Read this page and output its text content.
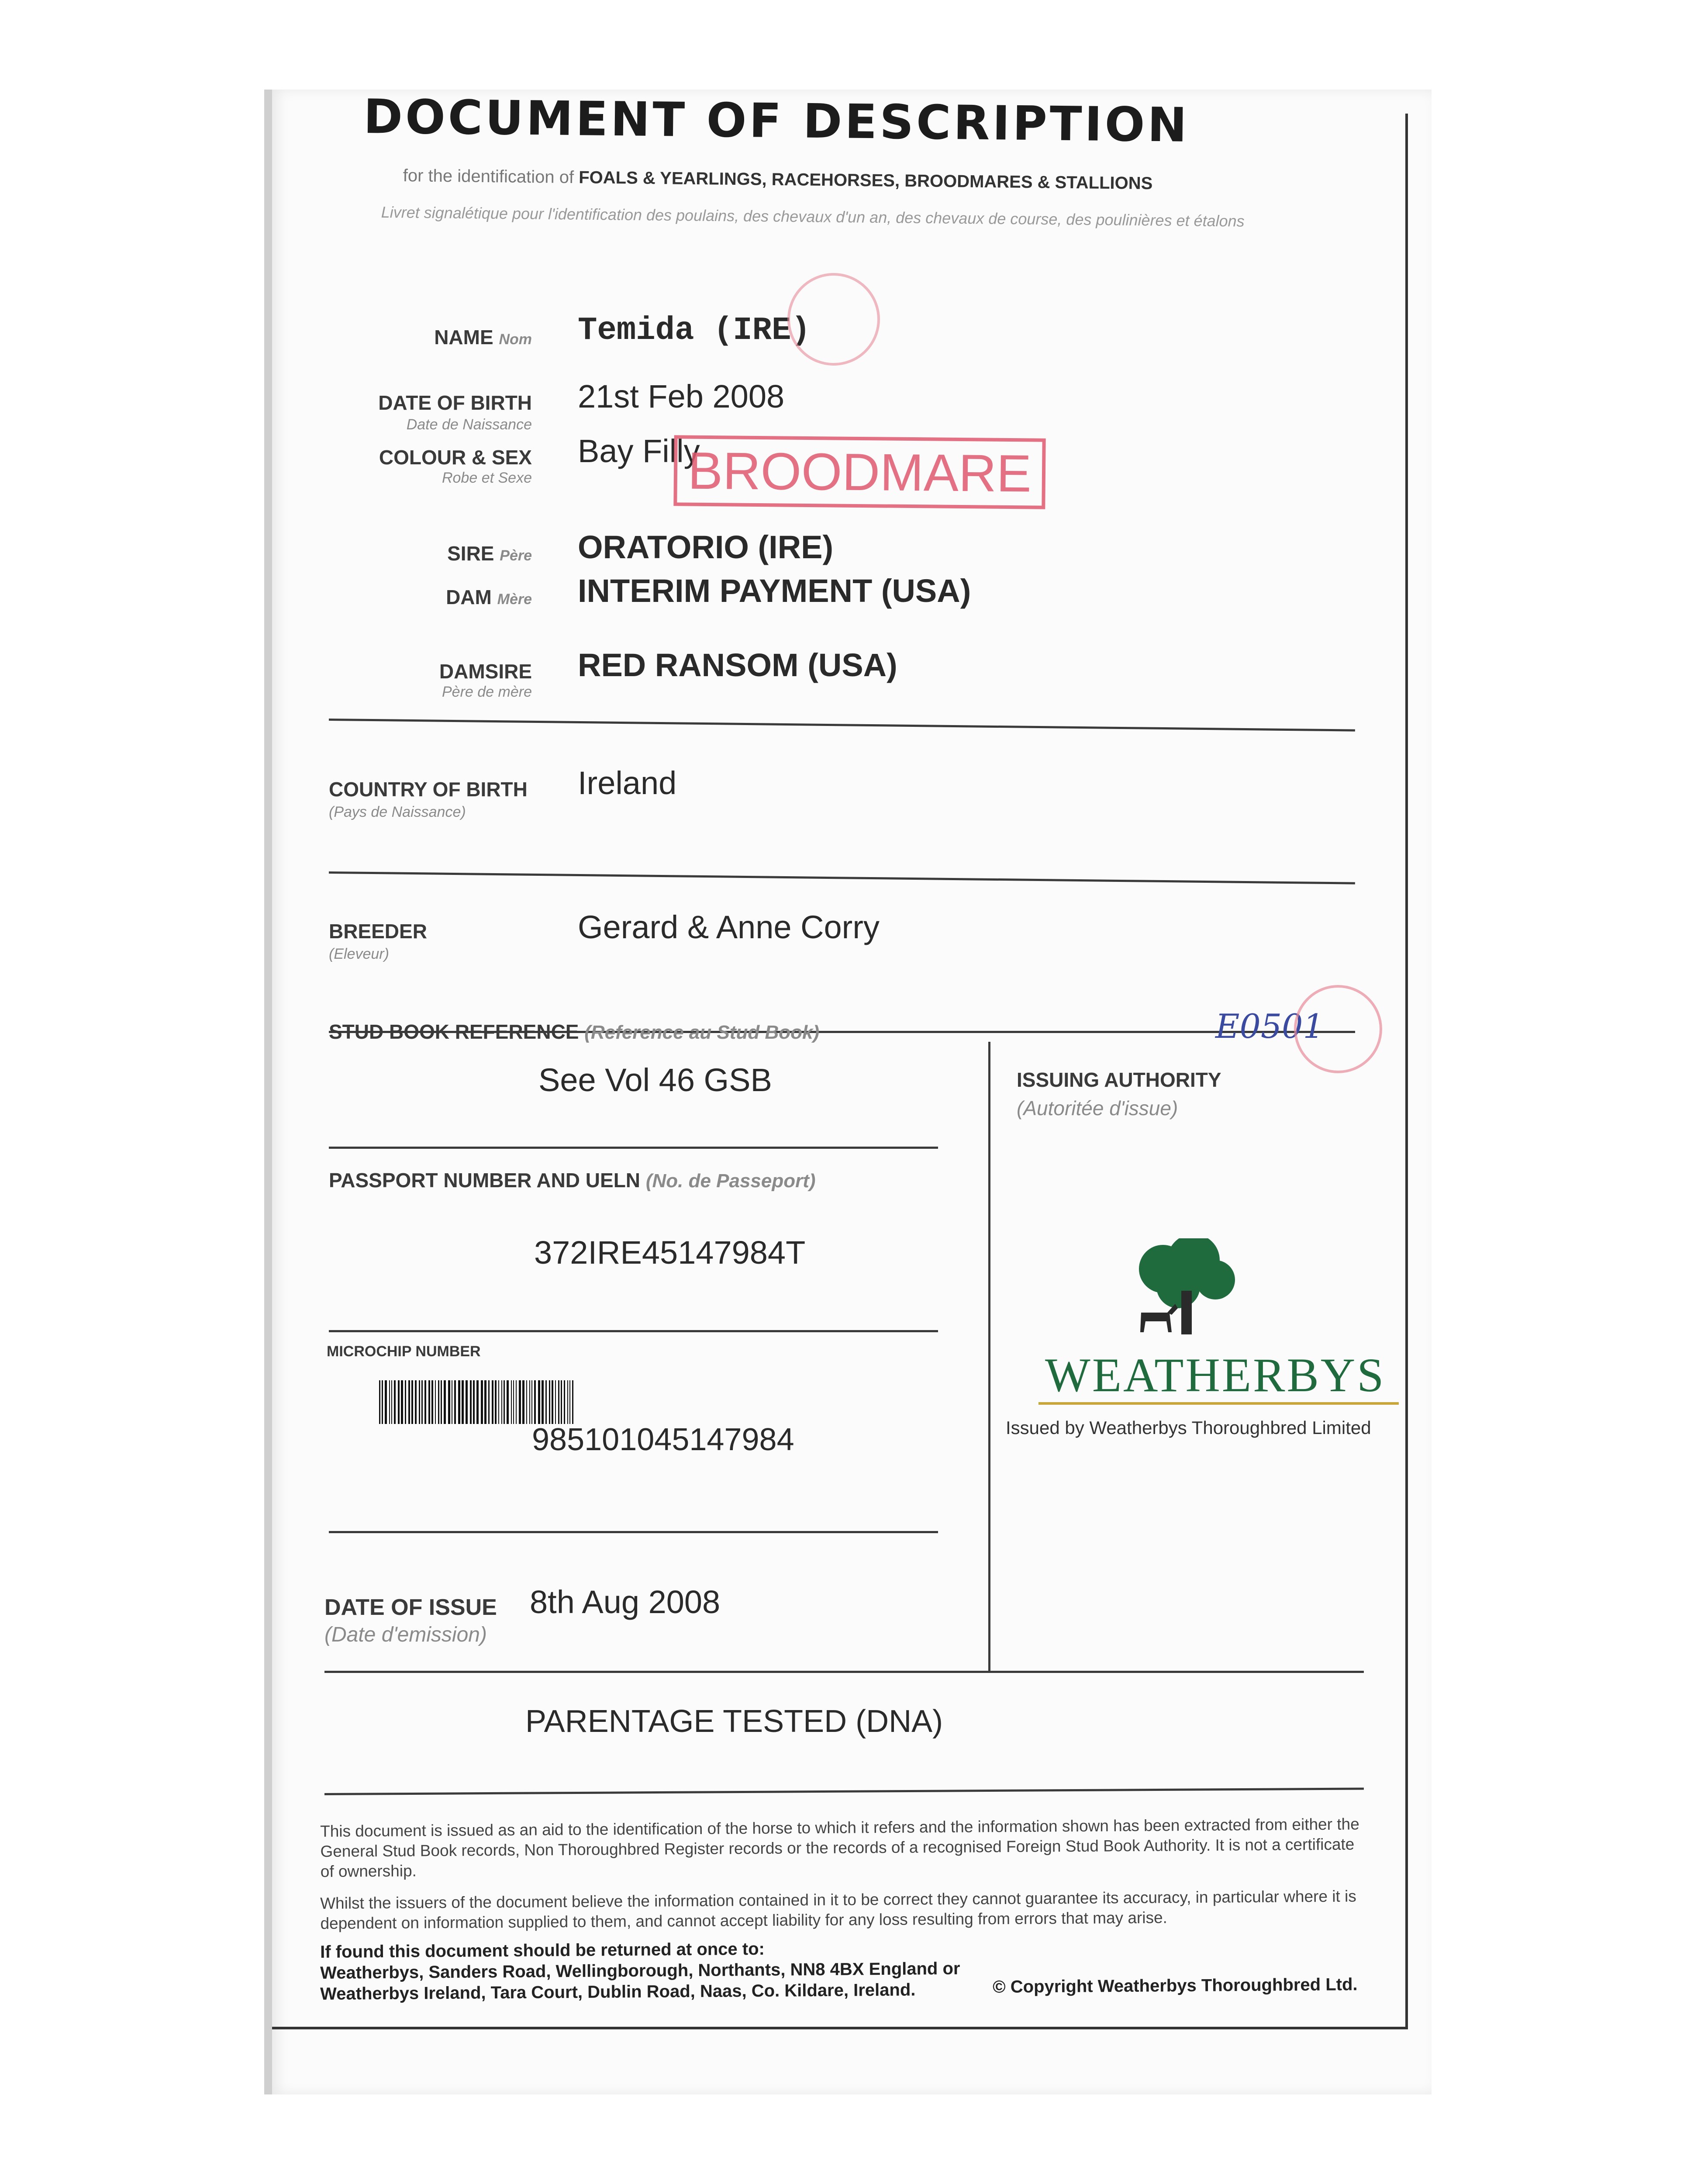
DOCUMENT OF DESCRIPTION
for the identification of FOALS & YEARLINGS, RACEHORSES, BROODMARES & STALLIONS
Livret signalétique pour l'identification des poulains, des chevaux d'un an, des chevaux de course, des poulinières et étalons
NAME Nom Temida (IRE)
DATE OF BIRTH
Date de Naissance
21st Feb 2008
COLOUR & SEX
Robe et Sexe
Bay Filly
BROODMARE
SIRE Père ORATORIO (IRE)
DAM Mère INTERIM PAYMENT (USA)
DAMSIRE
Père de mère
RED RANSOM (USA)
COUNTRY OF BIRTH
(Pays de Naissance)
Ireland
BREEDER
(Eleveur)
Gerard & Anne Corry
STUD BOOK REFERENCE (Reference au Stud Book)
See Vol 46 GSB
PASSPORT NUMBER AND UELN (No. de Passeport)
372IRE45147984T
MICROCHIP NUMBER
985101045147984
DATE OF ISSUE
(Date d'emission)
8th Aug 2008
ISSUING AUTHORITY
(Autoritée d'issue)
E0501
WEATHERBYS
Issued by Weatherbys Thoroughbred Limited
PARENTAGE TESTED (DNA)
This document is issued as an aid to the identification of the horse to which it refers and the information shown has been extracted from either the General Stud Book records, Non Thoroughbred Register records or the records of a recognised Foreign Stud Book Authority. It is not a certificate of ownership.
Whilst the issuers of the document believe the information contained in it to be correct they cannot guarantee its accuracy, in particular where it is dependent on information supplied to them, and cannot accept liability for any loss resulting from errors that may arise.
If found this document should be returned at once to:
Weatherbys, Sanders Road, Wellingborough, Northants, NN8 4BX England or
Weatherbys Ireland, Tara Court, Dublin Road, Naas, Co. Kildare, Ireland.	© Copyright Weatherbys Thoroughbred Ltd.
